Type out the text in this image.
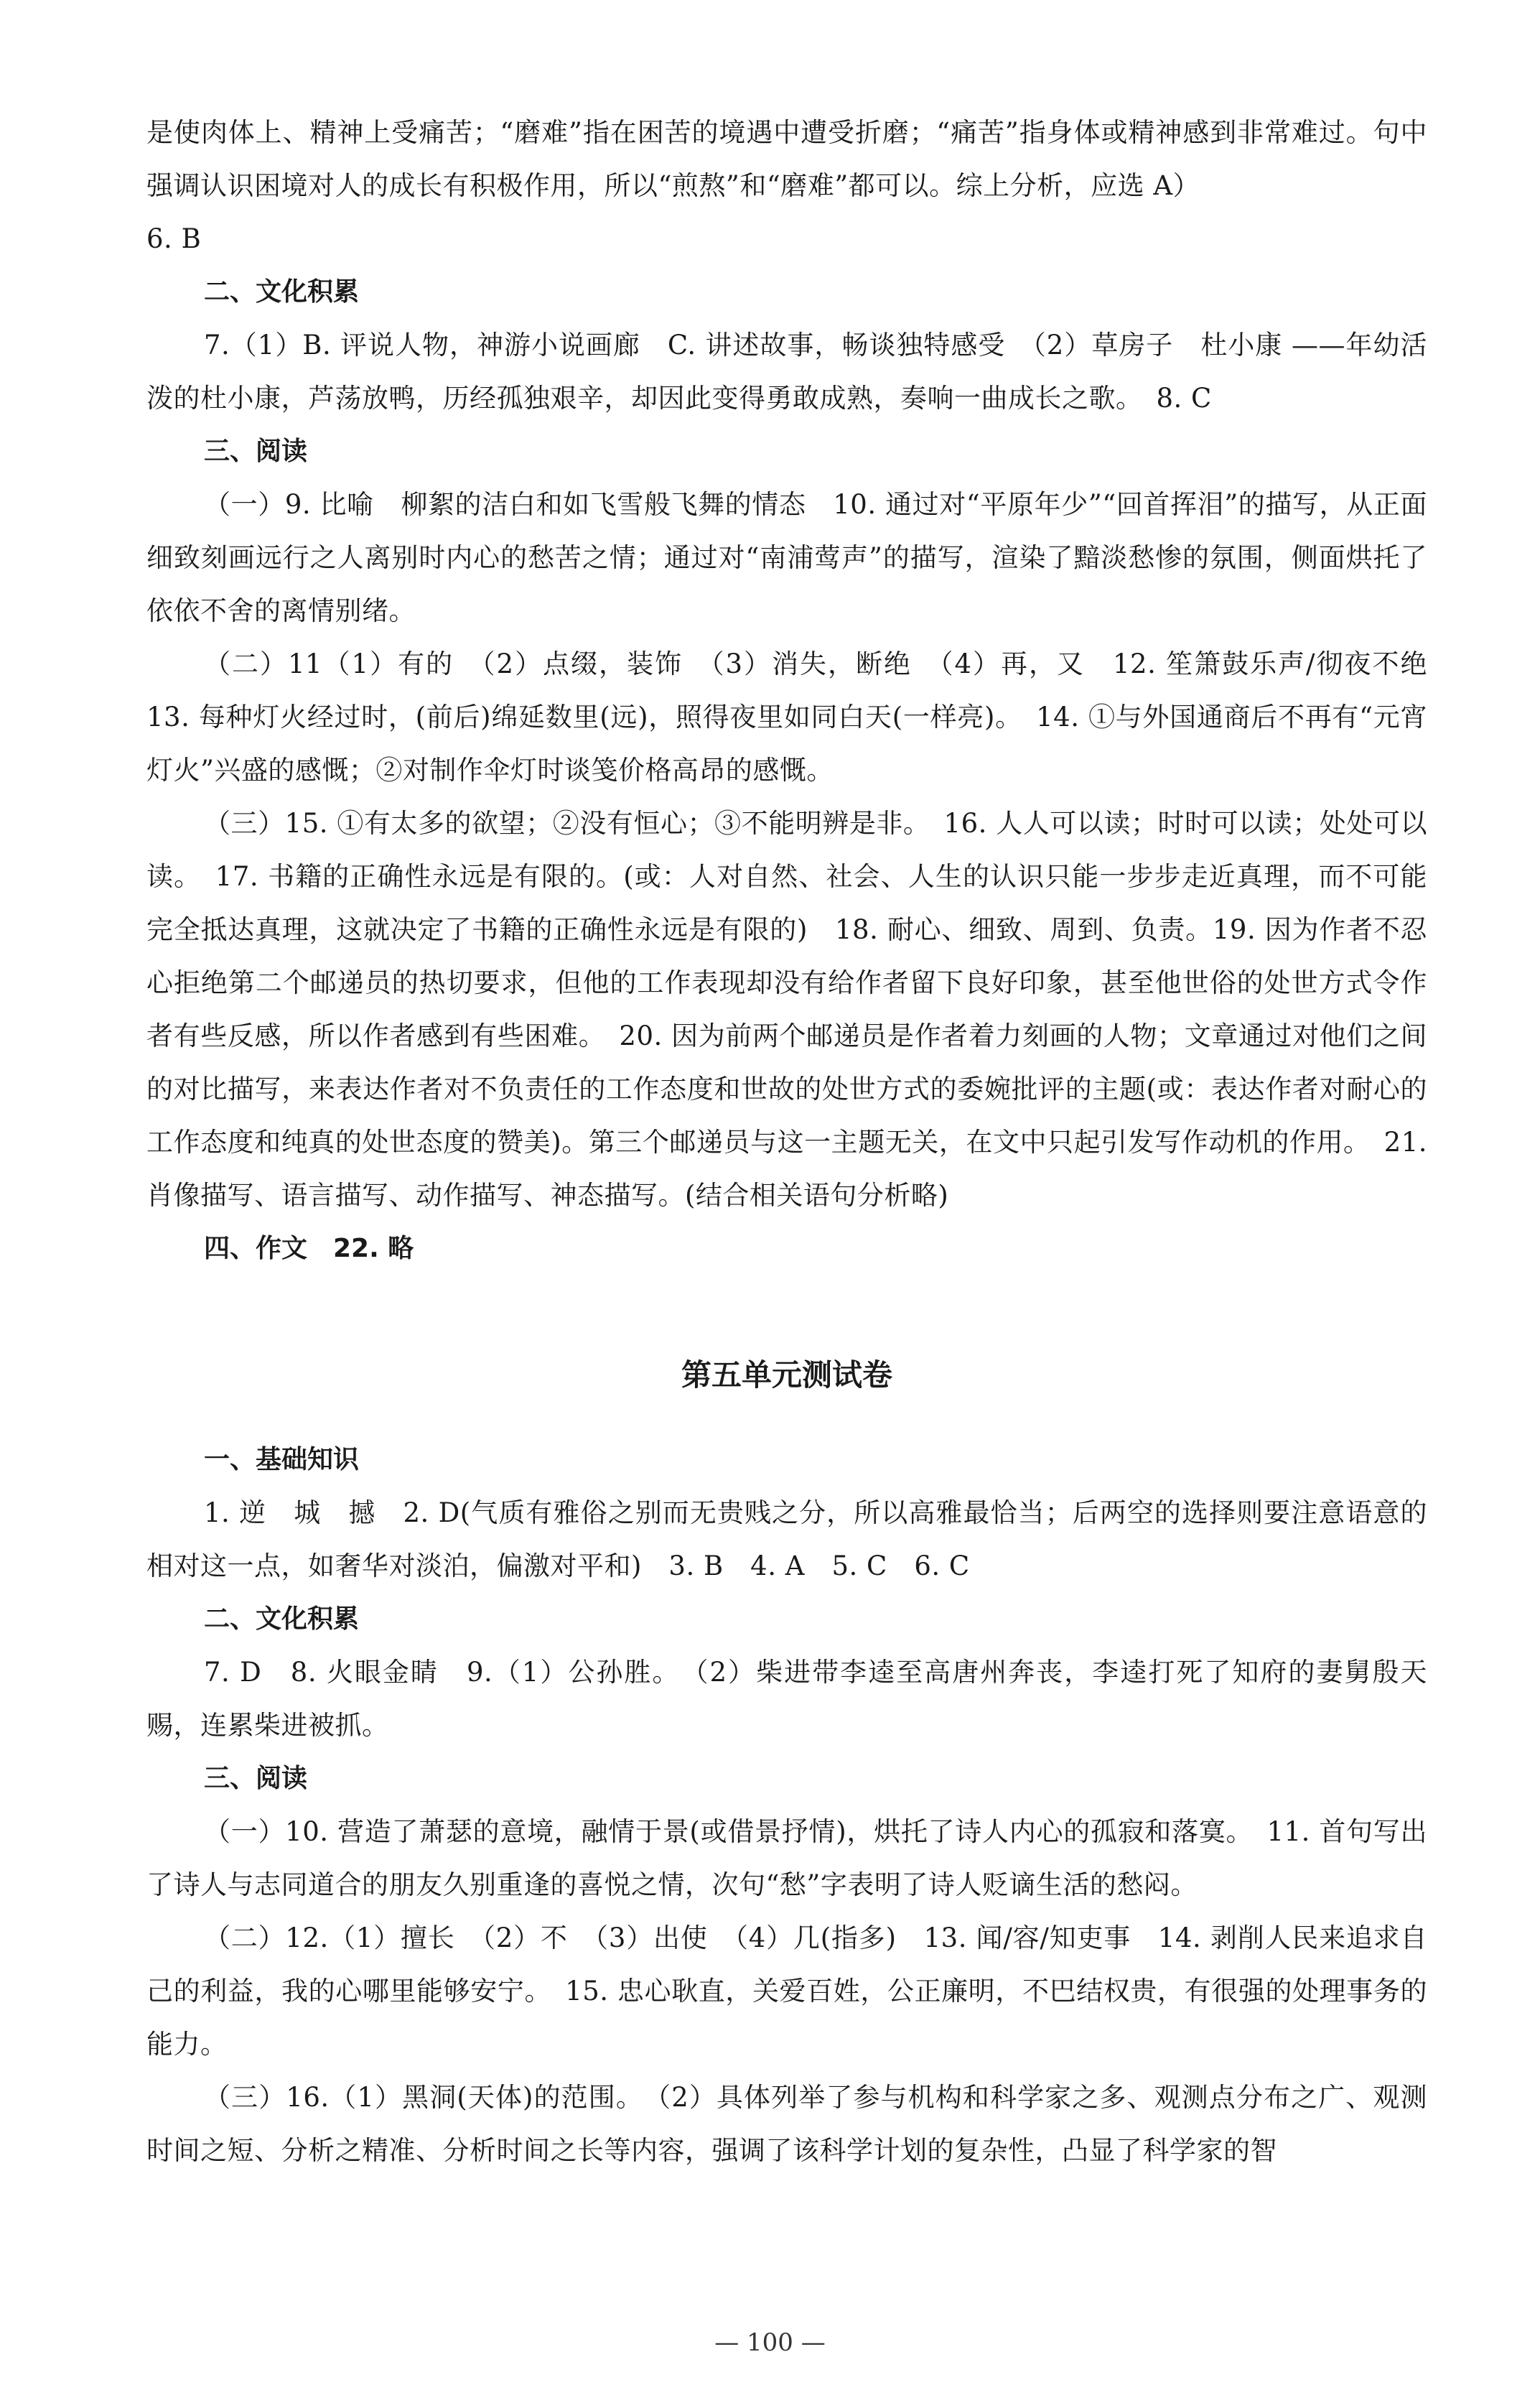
是使肉体上、精神上受痛苦；“磨难”指在困苦的境遇中遭受折磨；“痛苦”指身体或精神感到非常难过。句中强调认识困境对人的成长有积极作用，所以“煎熬”和“磨难”都可以。综上分析，应选 A）

6. B

二、文化积累

7.（1）B. 评说人物，神游小说画廊　C. 讲述故事，畅谈独特感受　（2）草房子　杜小康 ——年幼活泼的杜小康，芦荡放鸭，历经孤独艰辛，却因此变得勇敢成熟，奏响一曲成长之歌。　8. C

三、阅读

（一）9. 比喻　柳絮的洁白和如飞雪般飞舞的情态　10. 通过对“平原年少”“回首挥泪”的描写，从正面细致刻画远行之人离别时内心的愁苦之情；通过对“南浦莺声”的描写，渲染了黯淡愁惨的氛围，侧面烘托了依依不舍的离情别绪。

（二）11（1）有的　（2）点缀，装饰　（3）消失，断绝　（4）再，又　12. 笙箫鼓乐声/彻夜不绝 13. 每种灯火经过时，(前后)绵延数里(远)，照得夜里如同白天(一样亮)。　14. ①与外国通商后不再有“元宵灯火”兴盛的感慨；②对制作伞灯时谈笺价格高昂的感慨。

（三）15. ①有太多的欲望；②没有恒心；③不能明辨是非。　16. 人人可以读；时时可以读；处处可以读。　17. 书籍的正确性永远是有限的。(或：人对自然、社会、人生的认识只能一步步走近真理，而不可能完全抵达真理，这就决定了书籍的正确性永远是有限的)　18. 耐心、细致、周到、负责。19. 因为作者不忍心拒绝第二个邮递员的热切要求，但他的工作表现却没有给作者留下良好印象，甚至他世俗的处世方式令作者有些反感，所以作者感到有些困难。　20. 因为前两个邮递员是作者着力刻画的人物；文章通过对他们之间的对比描写，来表达作者对不负责任的工作态度和世故的处世方式的委婉批评的主题(或：表达作者对耐心的工作态度和纯真的处世态度的赞美)。第三个邮递员与这一主题无关，在文中只起引发写作动机的作用。　21. 肖像描写、语言描写、动作描写、神态描写。(结合相关语句分析略)

四、作文　22. 略

第五单元测试卷

一、基础知识

1. 逆　城　撼　2. D(气质有雅俗之别而无贵贱之分，所以高雅最恰当；后两空的选择则要注意语意的相对这一点，如奢华对淡泊，偏激对平和)　3. B　4. A　5. C　6. C

二、文化积累

7. D　8. 火眼金睛　9.（1）公孙胜。　（2）柴进带李逵至高唐州奔丧，李逵打死了知府的妻舅殷天赐，连累柴进被抓。

三、阅读

（一）10. 营造了萧瑟的意境，融情于景(或借景抒情)，烘托了诗人内心的孤寂和落寞。　11. 首句写出了诗人与志同道合的朋友久别重逢的喜悦之情，次句“愁”字表明了诗人贬谪生活的愁闷。

（二）12.（1）擅长　（2）不　（3）出使　（4）几(指多)　13. 闻/容/知吏事　14. 剥削人民来追求自己的利益，我的心哪里能够安宁。　15. 忠心耿直，关爱百姓，公正廉明，不巴结权贵，有很强的处理事务的能力。

（三）16.（1）黑洞(天体)的范围。　（2）具体列举了参与机构和科学家之多、观测点分布之广、观测时间之短、分析之精准、分析时间之长等内容，强调了该科学计划的复杂性，凸显了科学家的智

— 100 —
